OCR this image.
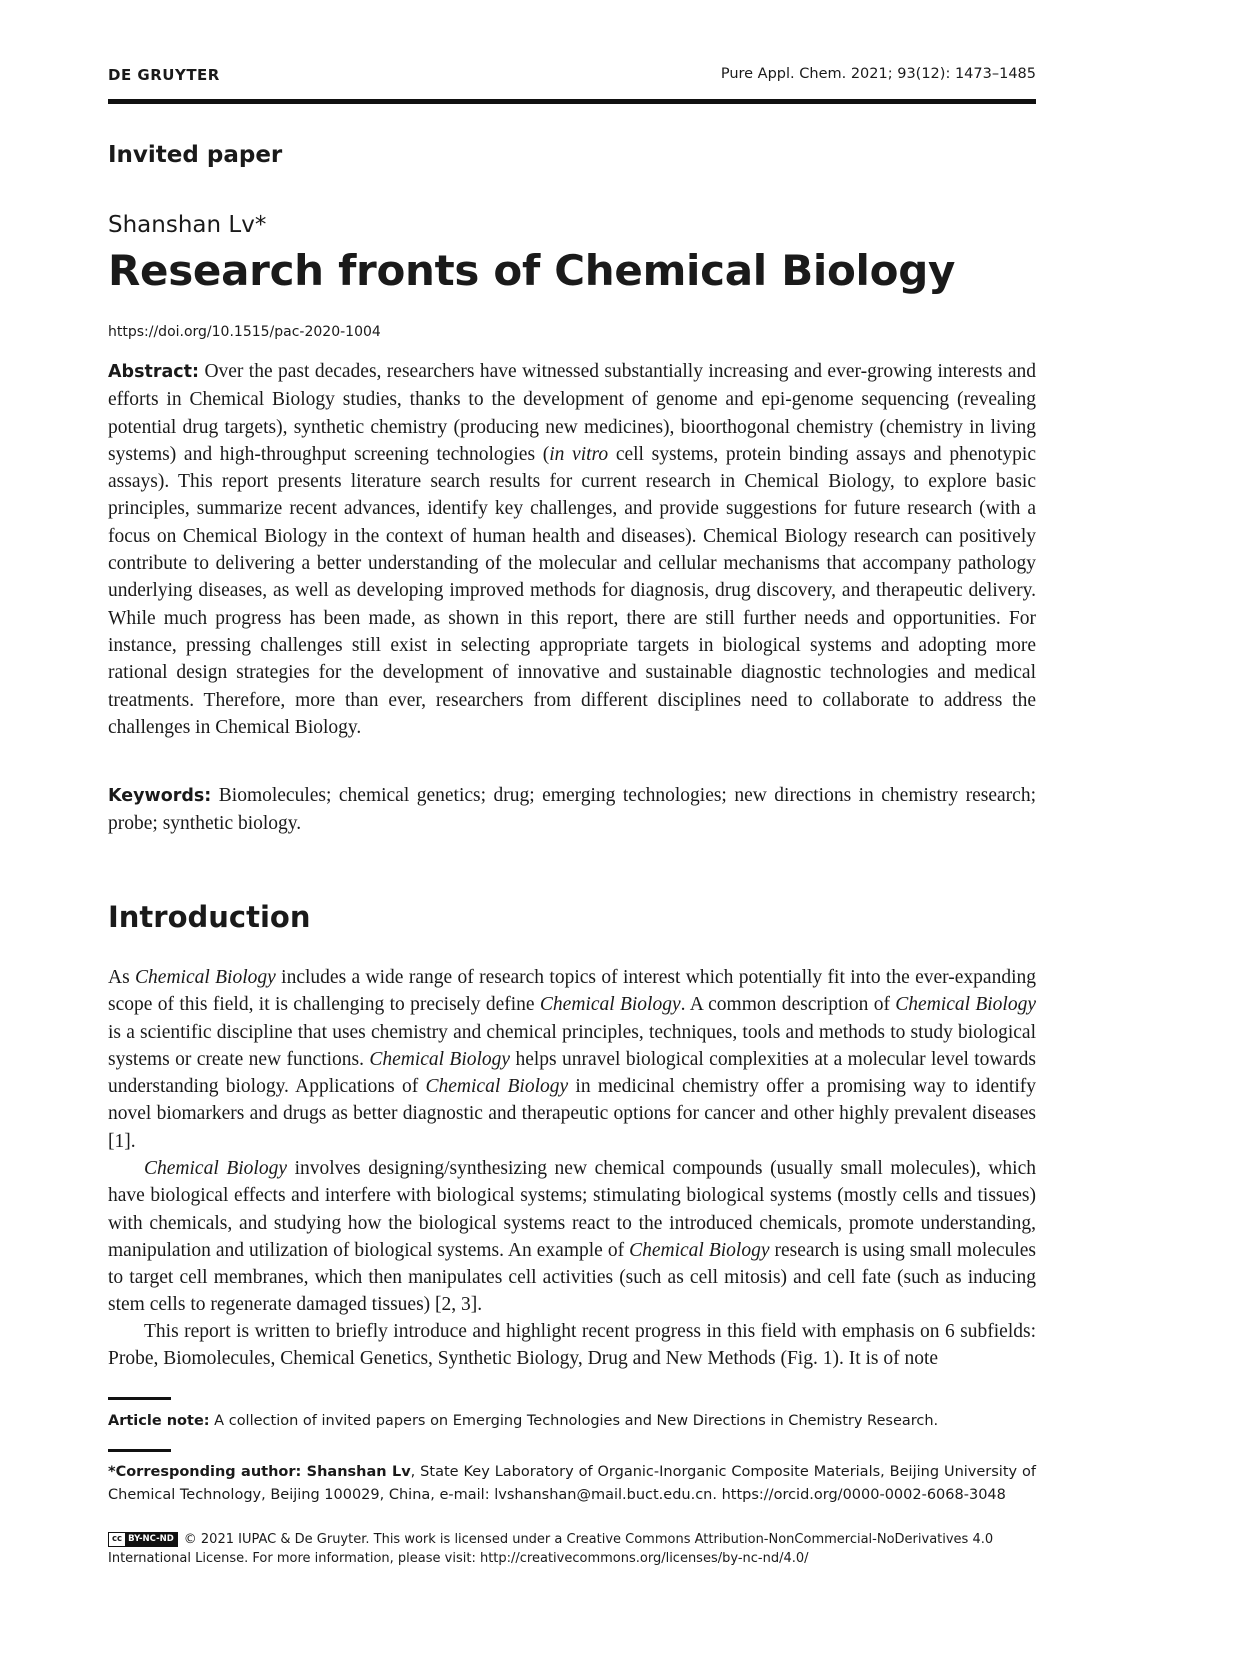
DE GRUYTER	Pure Appl. Chem. 2021; 93(12): 1473–1485
Invited paper
Shanshan Lv*
Research fronts of Chemical Biology
https://doi.org/10.1515/pac-2020-1004
Abstract: Over the past decades, researchers have witnessed substantially increasing and ever-growing interests and efforts in Chemical Biology studies, thanks to the development of genome and epi-genome sequencing (revealing potential drug targets), synthetic chemistry (producing new medicines), bioorthogonal chemistry (chemistry in living systems) and high-throughput screening technologies (in vitro cell systems, protein binding assays and phenotypic assays). This report presents literature search results for current research in Chemical Biology, to explore basic principles, summarize recent advances, identify key challenges, and provide suggestions for future research (with a focus on Chemical Biology in the context of human health and diseases). Chemical Biology research can positively contribute to delivering a better understanding of the molecular and cellular mechanisms that accompany pathology underlying diseases, as well as developing improved methods for diagnosis, drug discovery, and therapeutic delivery. While much progress has been made, as shown in this report, there are still further needs and opportunities. For instance, pressing challenges still exist in selecting appropriate targets in biological systems and adopting more rational design strategies for the development of innovative and sustainable diagnostic technologies and medical treatments. Therefore, more than ever, researchers from different disciplines need to collaborate to address the challenges in Chemical Biology.
Keywords: Biomolecules; chemical genetics; drug; emerging technologies; new directions in chemistry research; probe; synthetic biology.
Introduction
As Chemical Biology includes a wide range of research topics of interest which potentially fit into the ever-expanding scope of this field, it is challenging to precisely define Chemical Biology. A common description of Chemical Biology is a scientific discipline that uses chemistry and chemical principles, techniques, tools and methods to study biological systems or create new functions. Chemical Biology helps unravel biological complexities at a molecular level towards understanding biology. Applications of Chemical Biology in medicinal chemistry offer a promising way to identify novel biomarkers and drugs as better diagnostic and therapeutic options for cancer and other highly prevalent diseases [1].
Chemical Biology involves designing/synthesizing new chemical compounds (usually small molecules), which have biological effects and interfere with biological systems; stimulating biological systems (mostly cells and tissues) with chemicals, and studying how the biological systems react to the introduced chemicals, promote understanding, manipulation and utilization of biological systems. An example of Chemical Biology research is using small molecules to target cell membranes, which then manipulates cell activities (such as cell mitosis) and cell fate (such as inducing stem cells to regenerate damaged tissues) [2, 3].
This report is written to briefly introduce and highlight recent progress in this field with emphasis on 6 subfields: Probe, Biomolecules, Chemical Genetics, Synthetic Biology, Drug and New Methods (Fig. 1). It is of note
Article note: A collection of invited papers on Emerging Technologies and New Directions in Chemistry Research.
*Corresponding author: Shanshan Lv, State Key Laboratory of Organic-Inorganic Composite Materials, Beijing University of Chemical Technology, Beijing 100029, China, e-mail: lvshanshan@mail.buct.edu.cn. https://orcid.org/0000-0002-6068-3048
cc BY-NC-ND © 2021 IUPAC & De Gruyter. This work is licensed under a Creative Commons Attribution-NonCommercial-NoDerivatives 4.0 International License. For more information, please visit: http://creativecommons.org/licenses/by-nc-nd/4.0/
